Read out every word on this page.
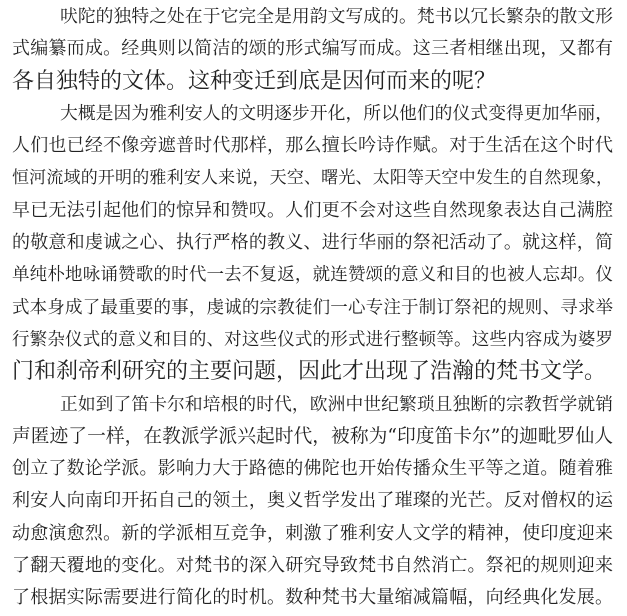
吠陀的独特之处在于它完全是用韵文写成的。梵书以冗长繁杂的散文形
式编纂而成。经典则以简洁的颂的形式编写而成。这三者相继出现，又都有
各自独特的文体。这种变迁到底是因何而来的呢？
大概是因为雅利安人的文明逐步开化，所以他们的仪式变得更加华丽，
人们也已经不像旁遮普时代那样，那么擅长吟诗作赋。对于生活在这个时代
恒河流域的开明的雅利安人来说，天空、曙光、太阳等天空中发生的自然现象，
早已无法引起他们的惊异和赞叹。人们更不会对这些自然现象表达自己满腔
的敬意和虔诚之心、执行严格的教义、进行华丽的祭祀活动了。就这样，简
单纯朴地咏诵赞歌的时代一去不复返，就连赞颂的意义和目的也被人忘却。仪
式本身成了最重要的事，虔诚的宗教徒们一心专注于制订祭祀的规则、寻求举
行繁杂仪式的意义和目的、对这些仪式的形式进行整顿等。这些内容成为婆罗
门和刹帝利研究的主要问题，因此才出现了浩瀚的梵书文学。
正如到了笛卡尔和培根的时代，欧洲中世纪繁琐且独断的宗教哲学就销
声匿迹了一样，在教派学派兴起时代，被称为“印度笛卡尔”的迦毗罗仙人
创立了数论学派。影响力大于路德的佛陀也开始传播众生平等之道。随着雅
利安人向南印开拓自己的领土，奥义哲学发出了璀璨的光芒。反对僧权的运
动愈演愈烈。新的学派相互竞争，刺激了雅利安人文学的精神，使印度迎来
了翻天覆地的变化。对梵书的深入研究导致梵书自然消亡。祭祀的规则迎来
了根据实际需要进行简化的时机。数种梵书大量缩减篇幅，向经典化发展。
